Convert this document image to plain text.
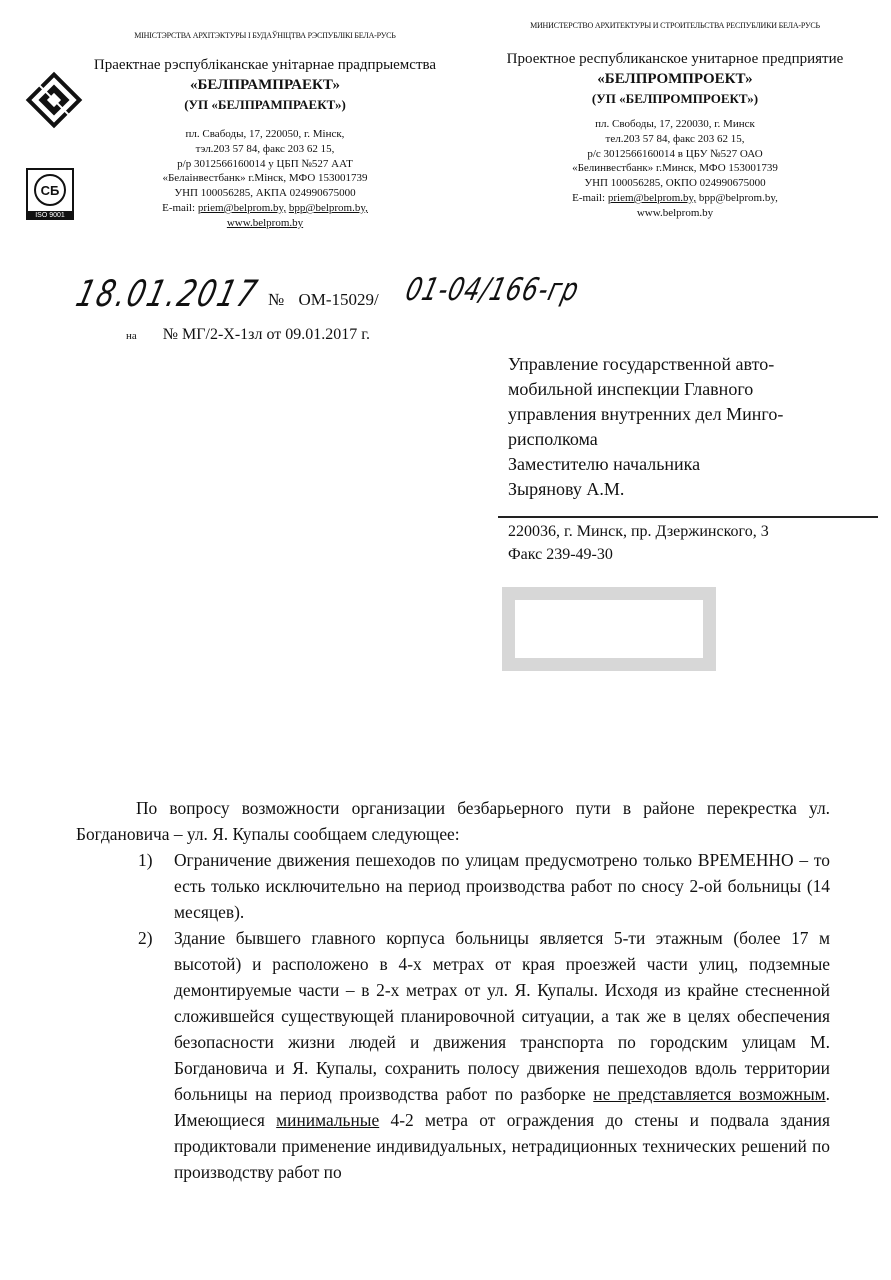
МIНIСТЭРСТВА АРХIТЭКТУРЫ I БУДАЎНIЦТВА РЭСПУБЛIКI БЕЛА-РУСЬ
Праектнае рэспублiканскае унiтарнае прадпрыемства
«БЕЛПРАМПРАЕКТ»
(УП «БЕЛПРАМПРАЕКТ»)
пл. Свабоды, 17, 220050, г. Мiнск,
тэл.203 57 84, факс 203 62 15,
р/р 3012566160014 у ЦБП №527 ААТ
«Белаiнвестбанк» г.Мiнск, МФО 153001739
УНП 100056285, АКПА 024990675000
E-mail: priem@belprom.by, bpp@belprom.by,
www.belprom.by
СБ
ISO 9001
МИНИСТЕРСТВО АРХИТЕКТУРЫ И СТРОИТЕЛЬСТВА РЕСПУБЛИКИ БЕЛА-РУСЬ
Проектное республиканское унитарное предприятие
«БЕЛПРОМПРОЕКТ»
(УП «БЕЛПРОМПРОЕКТ»)
пл. Свободы, 17, 220030, г. Минск
тел.203 57 84, факс 203 62 15,
р/с 3012566160014 в ЦБУ №527 ОАО
«Белинвестбанк» г.Минск, МФО 153001739
УНП 100056285, ОКПО 024990675000
E-mail: priem@belprom.by, bpp@belprom.by,
www.belprom.by
18.01.2017 № ОМ-15029/ 01-04/166-гр
на № МГ/2-Х-1зл от 09.01.2017 г.
Управление государственной авто-
мобильной инспекции Главного
управления внутренних дел Минго-
рисполкома
Заместителю начальника
Зырянову А.М.
220036, г. Минск, пр. Дзержинского, 3
Факс 239-49-30

По вопросу возможности организации безбарьерного пути в районе перекрестка ул. Богдановича – ул. Я. Купалы сообщаем следующее:

1) Ограничение движения пешеходов по улицам предусмотрено только ВРЕМЕННО – то есть только исключительно на период производства работ по сносу 2-ой больницы (14 месяцев).
2) Здание бывшего главного корпуса больницы является 5-ти этажным (более 17 м высотой) и расположено в 4-х метрах от края проезжей части улиц, подземные демонтируемые части – в 2-х метрах от ул. Я. Купалы. Исходя из крайне стесненной сложившейся существующей планировочной ситуации, а так же в целях обеспечения безопасности жизни людей и движения транспорта по городским улицам М. Богдановича и Я. Купалы, сохранить полосу движения пешеходов вдоль территории больницы на период производства работ по разборке не представляется возможным. Имеющиеся минимальные 4-2 метра от ограждения до стены и подвала здания продиктовали применение индивидуальных, нетрадиционных технических решений по производству работ по
